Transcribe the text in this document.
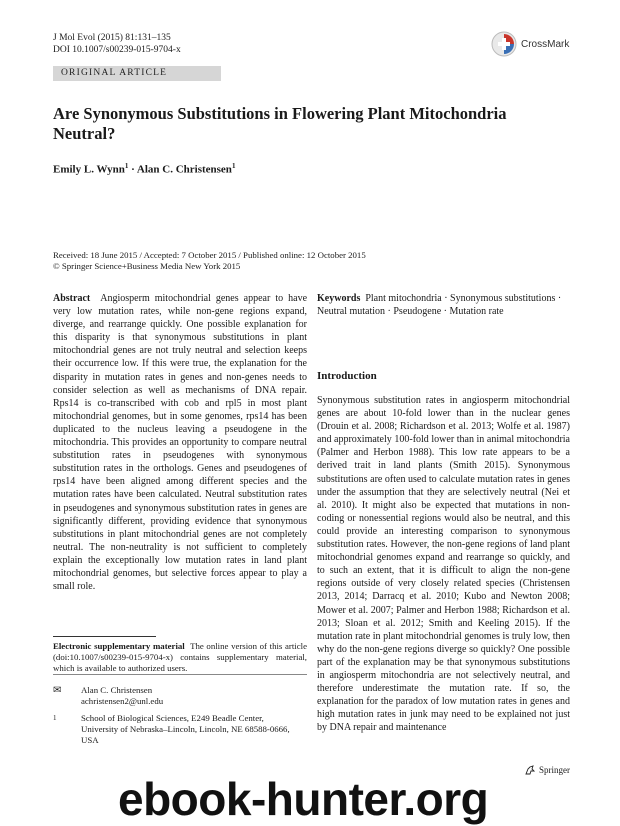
J Mol Evol (2015) 81:131–135
DOI 10.1007/s00239-015-9704-x
CrossMark
ORIGINAL ARTICLE
Are Synonymous Substitutions in Flowering Plant Mitochondria Neutral?
Emily L. Wynn$^1$ · Alan C. Christensen$^1$
Received: 18 June 2015 / Accepted: 7 October 2015 / Published online: 12 October 2015
© Springer Science+Business Media New York 2015
Abstract Angiosperm mitochondrial genes appear to have very low mutation rates, while non-gene regions expand, diverge, and rearrange quickly. One possible explanation for this disparity is that synonymous substitutions in plant mitochondrial genes are not truly neutral and selection keeps their occurrence low. If this were true, the explanation for the disparity in mutation rates in genes and non-genes needs to consider selection as well as mechanisms of DNA repair. Rps14 is co-transcribed with cob and rpl5 in most plant mitochondrial genomes, but in some genomes, rps14 has been duplicated to the nucleus leaving a pseudogene in the mitochondria. This provides an opportunity to compare neutral substitution rates in pseudogenes with synonymous substitution rates in the orthologs. Genes and pseudogenes of rps14 have been aligned among different species and the mutation rates have been calculated. Neutral substitution rates in pseudogenes and synonymous substitution rates in genes are significantly different, providing evidence that synonymous substitutions in plant mitochondrial genes are not completely neutral. The non-neutrality is not sufficient to completely explain the exceptionally low mutation rates in land plant mitochondrial genomes, but selective forces appear to play a small role.
Keywords Plant mitochondria · Synonymous substitutions · Neutral mutation · Pseudogene · Mutation rate
Introduction
Synonymous substitution rates in angiosperm mitochondrial genes are about 10-fold lower than in the nuclear genes (Drouin et al. 2008; Richardson et al. 2013; Wolfe et al. 1987) and approximately 100-fold lower than in animal mitochondria (Palmer and Herbon 1988). This low rate appears to be a derived trait in land plants (Smith 2015). Synonymous substitutions are often used to calculate mutation rates in genes under the assumption that they are selectively neutral (Nei et al. 2010). It might also be expected that mutations in non-coding or nonessential regions would also be neutral, and this could provide an interesting comparison to synonymous substitution rates. However, the non-gene regions of land plant mitochondrial genomes expand and rearrange so quickly, and to such an extent, that it is difficult to align the non-gene regions outside of very closely related species (Christensen 2013, 2014; Darracq et al. 2010; Kubo and Newton 2008; Mower et al. 2007; Palmer and Herbon 1988; Richardson et al. 2013; Sloan et al. 2012; Smith and Keeling 2015). If the mutation rate in plant mitochondrial genomes is truly low, then why do the non-gene regions diverge so quickly? One possible part of the explanation may be that synonymous substitutions in angiosperm mitochondria are not selectively neutral, and therefore underestimate the mutation rate. If so, the explanation for the paradox of low mutation rates in genes and high mutation rates in junk may need to be explained not just by DNA repair and maintenance
Electronic supplementary material The online version of this article (doi:10.1007/s00239-015-9704-x) contains supplementary material, which is available to authorized users.
✉ Alan C. Christensen
achristensen2@unl.edu
1	School of Biological Sciences, E249 Beadle Center,
University of Nebraska–Lincoln, Lincoln, NE 68588-0666,
USA
Springer
ebook-hunter.org
